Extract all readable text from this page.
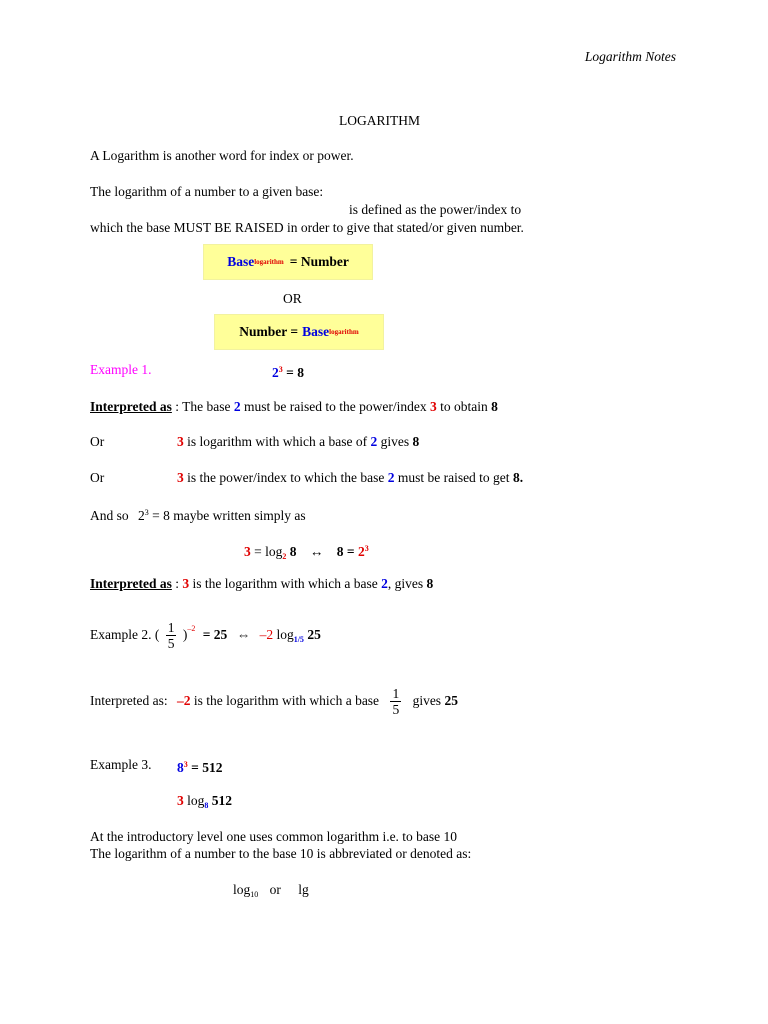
Logarithm Notes
LOGARITHM
A Logarithm is another word for index or power.
The logarithm of a number to a given base:
is defined as the power/index to
which the base MUST BE RAISED in order to give that stated/or given number.
Base logarithm = Number
OR
Number = Base logarithm
Example 1.	$2^3 = 8$
Interpreted as : The base 2 must be raised to the power/index 3 to obtain 8
Or	3 is logarithm with which a base of 2 gives 8
Or	3 is the power/index to which the base 2 must be raised to get 8.
And so $2^3 = 8$ maybe written simply as
$3 = \log_2 8$ ↔ $8 = 2^3$
Interpreted as : 3 is the logarithm with which a base 2, gives 8
Example 2. ( $\frac{1}{5} )^{-2} = 25$ ⇔ –2 $\log_{1/5} 25$
Interpreted as: –2 is the logarithm with which a base $\frac{1}{5}$ gives 25
Example 3. $8^3 = 512$
3 $\log_8 512$
At the introductory level one uses common logarithm i.e. to base 10
The logarithm of a number to the base 10 is abbreviated or denoted as:
$\log_{10}$ or lg
